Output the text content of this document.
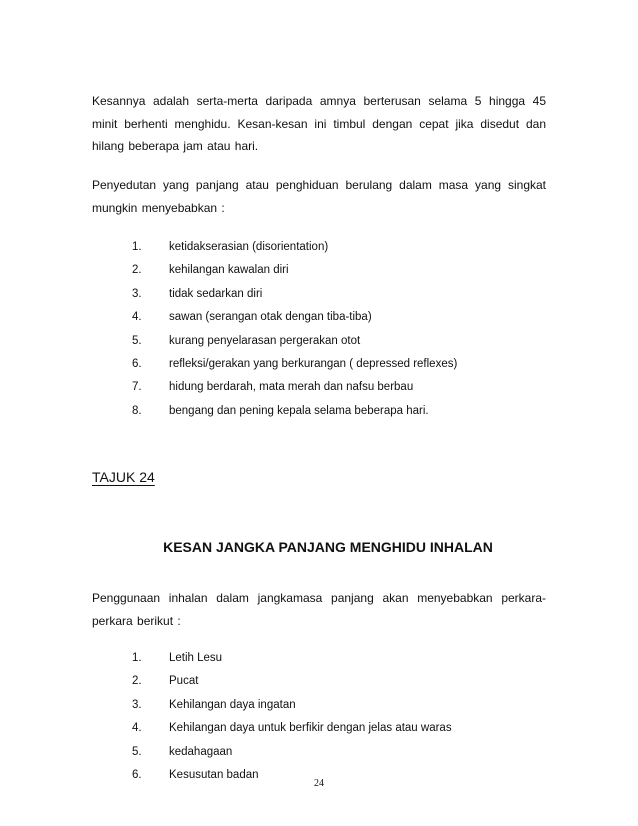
Kesannya adalah serta-merta daripada amnya berterusan selama 5 hingga 45 minit berhenti menghidu. Kesan-kesan ini timbul dengan cepat jika disedut dan hilang beberapa jam atau hari.

Penyedutan yang panjang atau penghiduan berulang dalam masa yang singkat mungkin menyebabkan :

1. ketidakserasian (disorientation)
2. kehilangan kawalan diri
3. tidak sedarkan diri
4. sawan (serangan otak dengan tiba-tiba)
5. kurang penyelarasan pergerakan otot
6. refleksi/gerakan yang berkurangan ( depressed reflexes)
7. hidung berdarah, mata merah dan nafsu berbau
8. bengang dan pening kepala selama beberapa hari.
TAJUK 24
KESAN JANGKA PANJANG MENGHIDU INHALAN

Penggunaan inhalan dalam jangkamasa panjang akan menyebabkan perkara-perkara berikut :

1. Letih Lesu
2. Pucat
3. Kehilangan daya ingatan
4. Kehilangan daya untuk berfikir dengan jelas atau waras
5. kedahagaan
6. Kesusutan badan
24
